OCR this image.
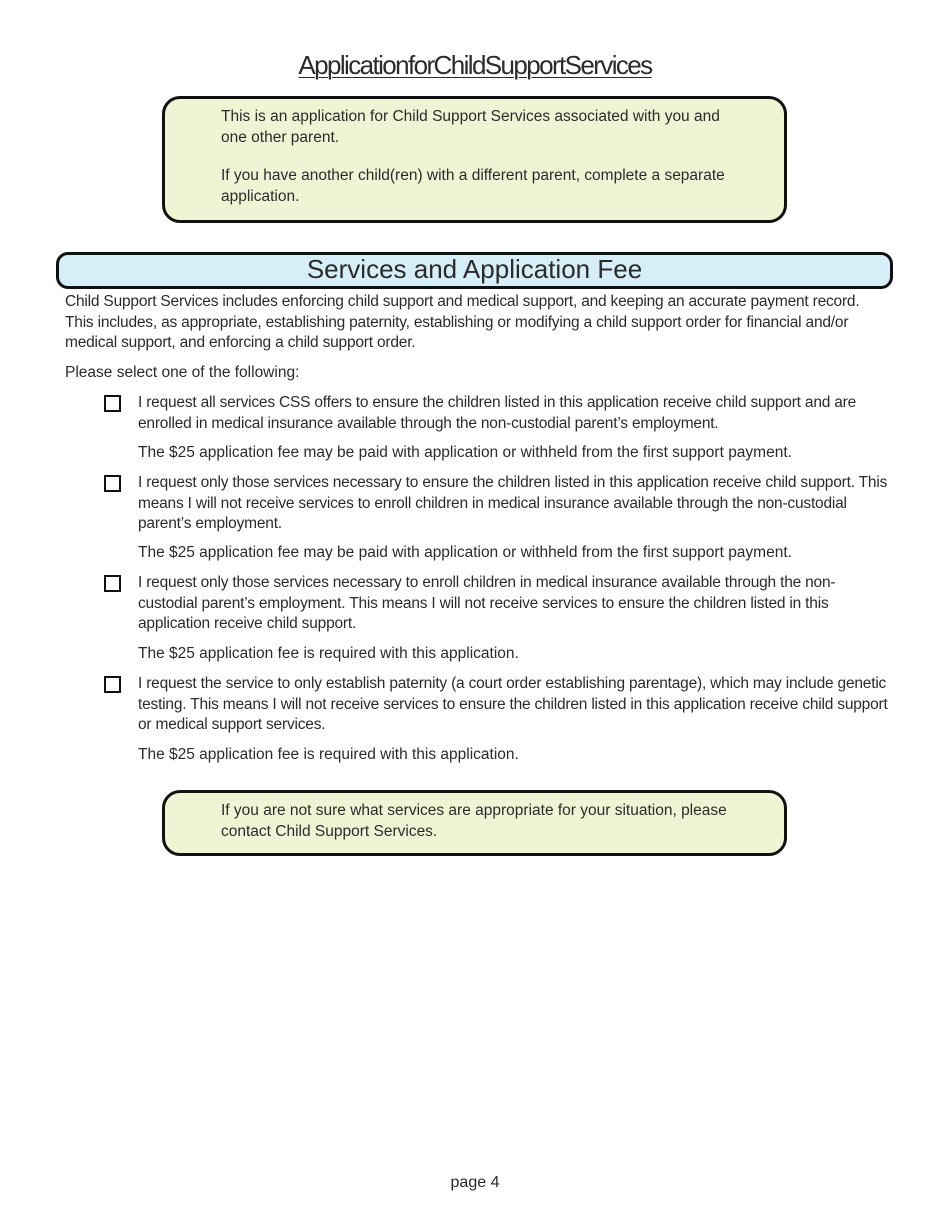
ApplicationforChildSupportServices

This is an application for Child Support Services associated with you and one other parent.

If you have another child(ren) with a different parent, complete a separate application.

Services and Application Fee

Child Support Services includes enforcing child support and medical support, and keeping an accurate payment record. This includes, as appropriate, establishing paternity, establishing or modifying a child support order for financial and/or medical support, and enforcing a child support order.

Please select one of the following:

I request all services CSS offers to ensure the children listed in this application receive child support and are enrolled in medical insurance available through the non-custodial parent’s employment.

The $25 application fee may be paid with application or withheld from the first support payment.

I request only those services necessary to ensure the children listed in this application receive child support. This means I will not receive services to enroll children in medical insurance available through the non-custodial parent’s employment.

The $25 application fee may be paid with application or withheld from the first support payment.

I request only those services necessary to enroll children in medical insurance available through the non-custodial parent’s employment. This means I will not receive services to ensure the children listed in this application receive child support.

The $25 application fee is required with this application.

I request the service to only establish paternity (a court order establishing parentage), which may include genetic testing. This means I will not receive services to ensure the children listed in this application receive child support or medical support services.

The $25 application fee is required with this application.

If you are not sure what services are appropriate for your situation, please contact Child Support Services.

page 4
